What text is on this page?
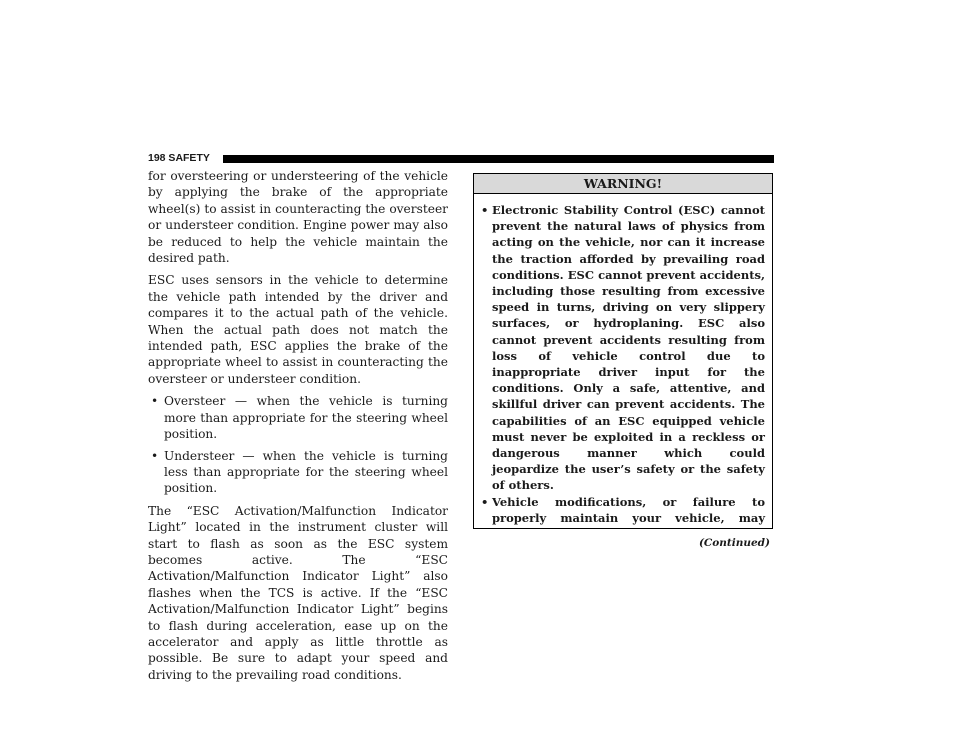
198 SAFETY

for oversteering or understeering of the vehicle by applying the brake of the appropriate wheel(s) to assist in counteracting the oversteer or understeer condition. Engine power may also be reduced to help the vehicle maintain the desired path.

ESC uses sensors in the vehicle to determine the vehicle path intended by the driver and compares it to the actual path of the vehicle. When the actual path does not match the intended path, ESC applies the brake of the appropriate wheel to assist in counteracting the oversteer or understeer condition.

• Oversteer — when the vehicle is turning more than appropriate for the steering wheel position.
• Understeer — when the vehicle is turning less than appropriate for the steering wheel position.

The “ESC Activation/Malfunction Indicator Light” located in the instrument cluster will start to flash as soon as the ESC system becomes active. The “ESC Activation/Malfunction Indicator Light” also flashes when the TCS is active. If the “ESC Activation/Malfunction Indicator Light” begins to flash during acceleration, ease up on the accelerator and apply as little throttle as possible. Be sure to adapt your speed and driving to the prevailing road conditions.

WARNING!
• Electronic Stability Control (ESC) cannot prevent the natural laws of physics from acting on the vehicle, nor can it increase the traction afforded by prevailing road conditions. ESC cannot prevent accidents, including those resulting from excessive speed in turns, driving on very slippery surfaces, or hydroplaning. ESC also cannot prevent accidents resulting from loss of vehicle control due to inappropriate driver input for the conditions. Only a safe, attentive, and skillful driver can prevent accidents. The capabilities of an ESC equipped vehicle must never be exploited in a reckless or dangerous manner which could jeopardize the user’s safety or the safety of others.
• Vehicle modifications, or failure to properly maintain your vehicle, may
(Continued)
